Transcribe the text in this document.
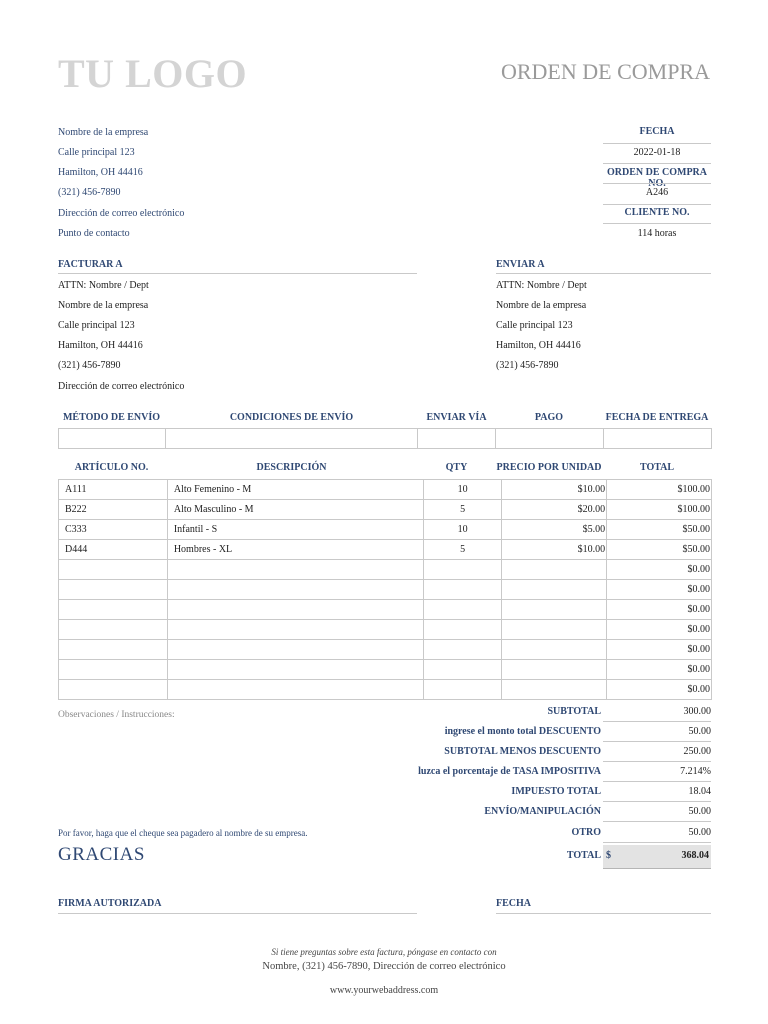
TU LOGO	ORDEN DE COMPRA
Nombre de la empresa
Calle principal 123
Hamilton, OH 44416
(321) 456-7890
Dirección de correo electrónico
Punto de contacto
FECHA
2022-01-18
ORDEN DE COMPRA NO.
A246
CLIENTE NO.
114 horas
FACTURAR A
ATTN: Nombre / Dept
Nombre de la empresa
Calle principal 123
Hamilton, OH 44416
(321) 456-7890
Dirección de correo electrónico
ENVIAR A
ATTN: Nombre / Dept
Nombre de la empresa
Calle principal 123
Hamilton, OH 44416
(321) 456-7890
MÉTODO DE ENVÍO	CONDICIONES DE ENVÍO	ENVIAR VÍA	PAGO	FECHA DE ENTREGA

ARTÍCULO NO.	DESCRIPCIÓN	QTY	PRECIO POR UNIDAD	TOTAL
A111	Alto Femenino - M	10	$10.00	$100.00
B222	Alto Masculino - M	5	$20.00	$100.00
C333	Infantil - S	10	$5.00	$50.00
D444	Hombres - XL	5	$10.00	$50.00
				$0.00
				$0.00
				$0.00
				$0.00
				$0.00
				$0.00
				$0.00
Observaciones / Instrucciones:	SUBTOTAL	300.00
ingrese el monto total DESCUENTO	50.00
SUBTOTAL MENOS DESCUENTO	250.00
luzca el porcentaje de TASA IMPOSITIVA	7.214%
IMPUESTO TOTAL	18.04
ENVÍO/MANIPULACIÓN	50.00
OTRO	50.00
Por favor, haga que el cheque sea pagadero al nombre de su empresa.
GRACIAS	TOTAL $	368.04
FIRMA AUTORIZADA	FECHA
Si tiene preguntas sobre esta factura, póngase en contacto con
Nombre, (321) 456-7890, Dirección de correo electrónico
www.yourwebaddress.com
